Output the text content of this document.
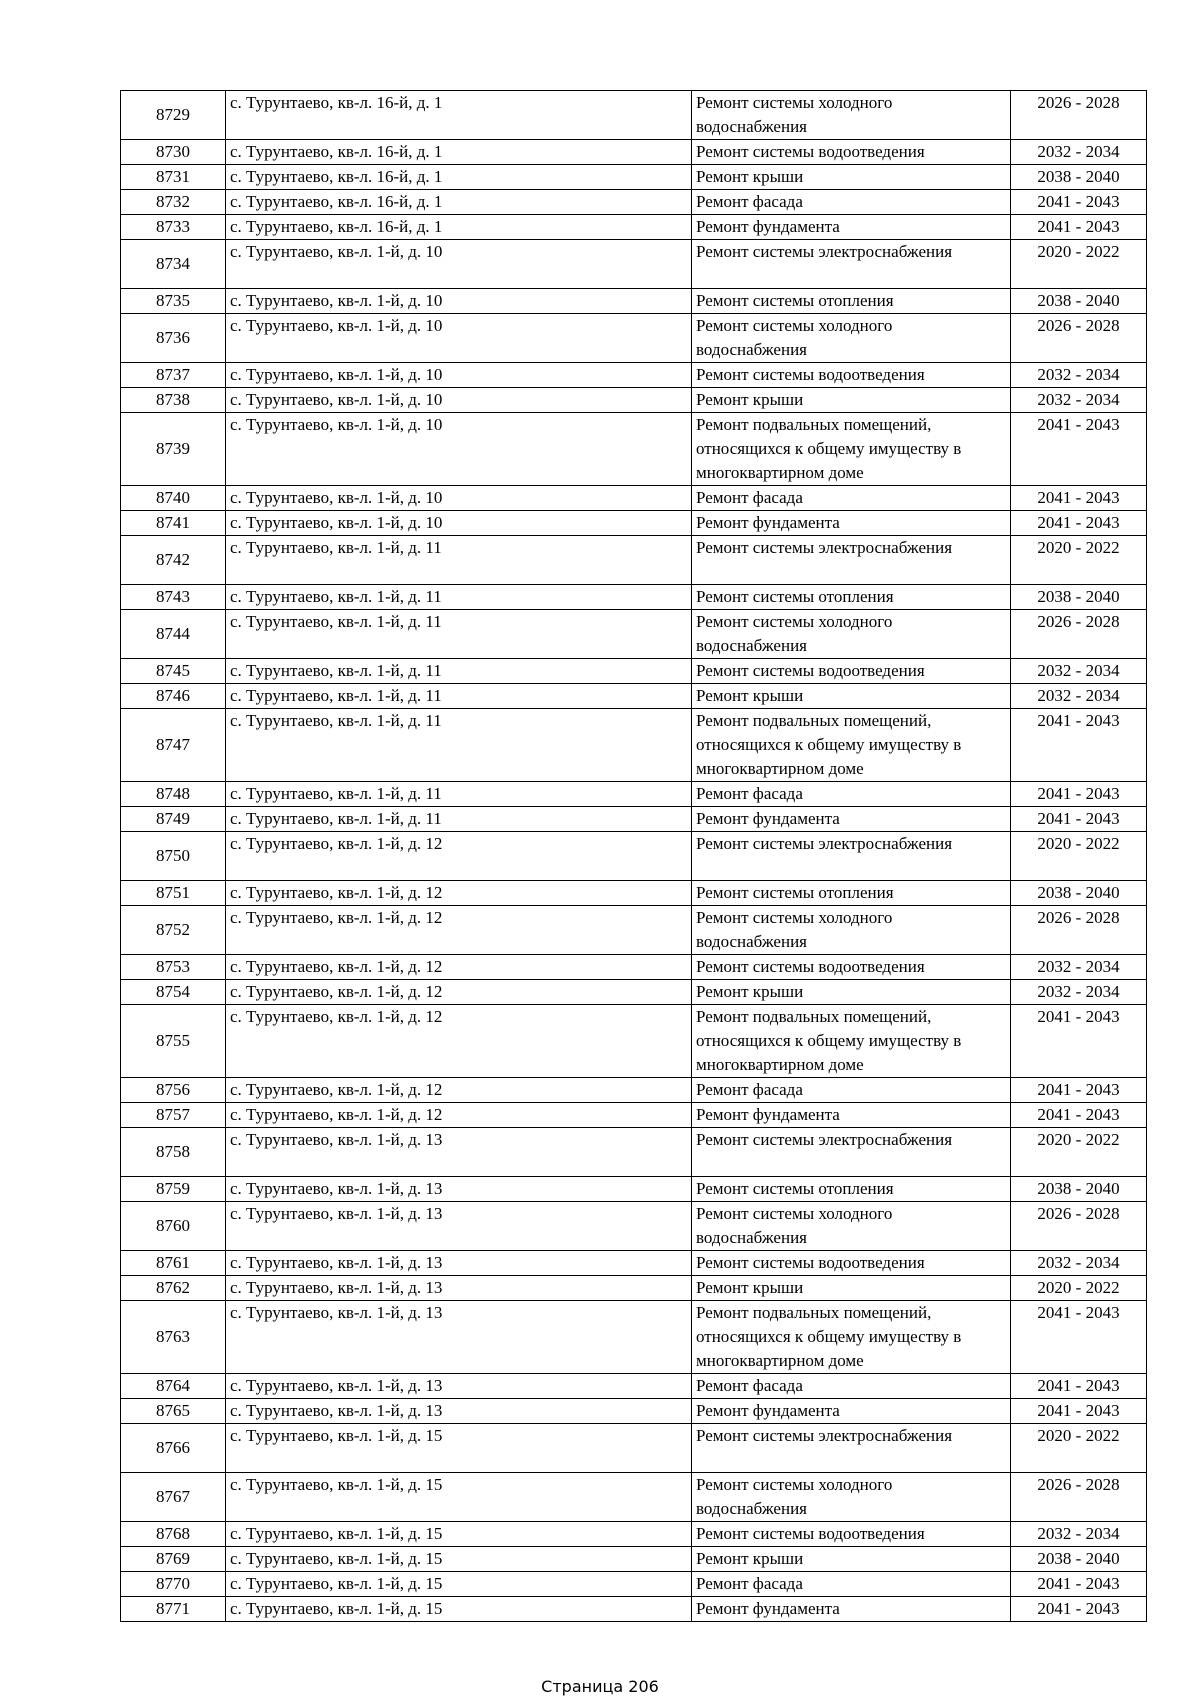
8729	с. Турунтаево, кв-л. 16-й, д. 1	Ремонт системы холодного водоснабжения	2026 - 2028
8730	с. Турунтаево, кв-л. 16-й, д. 1	Ремонт системы водоотведения	2032 - 2034
8731	с. Турунтаево, кв-л. 16-й, д. 1	Ремонт крыши	2038 - 2040
8732	с. Турунтаево, кв-л. 16-й, д. 1	Ремонт фасада	2041 - 2043
8733	с. Турунтаево, кв-л. 16-й, д. 1	Ремонт фундамента	2041 - 2043
8734	с. Турунтаево, кв-л. 1-й, д. 10	Ремонт системы электроснабжения	2020 - 2022
8735	с. Турунтаево, кв-л. 1-й, д. 10	Ремонт системы отопления	2038 - 2040
8736	с. Турунтаево, кв-л. 1-й, д. 10	Ремонт системы холодного водоснабжения	2026 - 2028
8737	с. Турунтаево, кв-л. 1-й, д. 10	Ремонт системы водоотведения	2032 - 2034
8738	с. Турунтаево, кв-л. 1-й, д. 10	Ремонт крыши	2032 - 2034
8739	с. Турунтаево, кв-л. 1-й, д. 10	Ремонт подвальных помещений, относящихся к общему имуществу в многоквартирном доме	2041 - 2043
8740	с. Турунтаево, кв-л. 1-й, д. 10	Ремонт фасада	2041 - 2043
8741	с. Турунтаево, кв-л. 1-й, д. 10	Ремонт фундамента	2041 - 2043
8742	с. Турунтаево, кв-л. 1-й, д. 11	Ремонт системы электроснабжения	2020 - 2022
8743	с. Турунтаево, кв-л. 1-й, д. 11	Ремонт системы отопления	2038 - 2040
8744	с. Турунтаево, кв-л. 1-й, д. 11	Ремонт системы холодного водоснабжения	2026 - 2028
8745	с. Турунтаево, кв-л. 1-й, д. 11	Ремонт системы водоотведения	2032 - 2034
8746	с. Турунтаево, кв-л. 1-й, д. 11	Ремонт крыши	2032 - 2034
8747	с. Турунтаево, кв-л. 1-й, д. 11	Ремонт подвальных помещений, относящихся к общему имуществу в многоквартирном доме	2041 - 2043
8748	с. Турунтаево, кв-л. 1-й, д. 11	Ремонт фасада	2041 - 2043
8749	с. Турунтаево, кв-л. 1-й, д. 11	Ремонт фундамента	2041 - 2043
8750	с. Турунтаево, кв-л. 1-й, д. 12	Ремонт системы электроснабжения	2020 - 2022
8751	с. Турунтаево, кв-л. 1-й, д. 12	Ремонт системы отопления	2038 - 2040
8752	с. Турунтаево, кв-л. 1-й, д. 12	Ремонт системы холодного водоснабжения	2026 - 2028
8753	с. Турунтаево, кв-л. 1-й, д. 12	Ремонт системы водоотведения	2032 - 2034
8754	с. Турунтаево, кв-л. 1-й, д. 12	Ремонт крыши	2032 - 2034
8755	с. Турунтаево, кв-л. 1-й, д. 12	Ремонт подвальных помещений, относящихся к общему имуществу в многоквартирном доме	2041 - 2043
8756	с. Турунтаево, кв-л. 1-й, д. 12	Ремонт фасада	2041 - 2043
8757	с. Турунтаево, кв-л. 1-й, д. 12	Ремонт фундамента	2041 - 2043
8758	с. Турунтаево, кв-л. 1-й, д. 13	Ремонт системы электроснабжения	2020 - 2022
8759	с. Турунтаево, кв-л. 1-й, д. 13	Ремонт системы отопления	2038 - 2040
8760	с. Турунтаево, кв-л. 1-й, д. 13	Ремонт системы холодного водоснабжения	2026 - 2028
8761	с. Турунтаево, кв-л. 1-й, д. 13	Ремонт системы водоотведения	2032 - 2034
8762	с. Турунтаево, кв-л. 1-й, д. 13	Ремонт крыши	2020 - 2022
8763	с. Турунтаево, кв-л. 1-й, д. 13	Ремонт подвальных помещений, относящихся к общему имуществу в многоквартирном доме	2041 - 2043
8764	с. Турунтаево, кв-л. 1-й, д. 13	Ремонт фасада	2041 - 2043
8765	с. Турунтаево, кв-л. 1-й, д. 13	Ремонт фундамента	2041 - 2043
8766	с. Турунтаево, кв-л. 1-й, д. 15	Ремонт системы электроснабжения	2020 - 2022
8767	с. Турунтаево, кв-л. 1-й, д. 15	Ремонт системы холодного водоснабжения	2026 - 2028
8768	с. Турунтаево, кв-л. 1-й, д. 15	Ремонт системы водоотведения	2032 - 2034
8769	с. Турунтаево, кв-л. 1-й, д. 15	Ремонт крыши	2038 - 2040
8770	с. Турунтаево, кв-л. 1-й, д. 15	Ремонт фасада	2041 - 2043
8771	с. Турунтаево, кв-л. 1-й, д. 15	Ремонт фундамента	2041 - 2043
Страница 206
